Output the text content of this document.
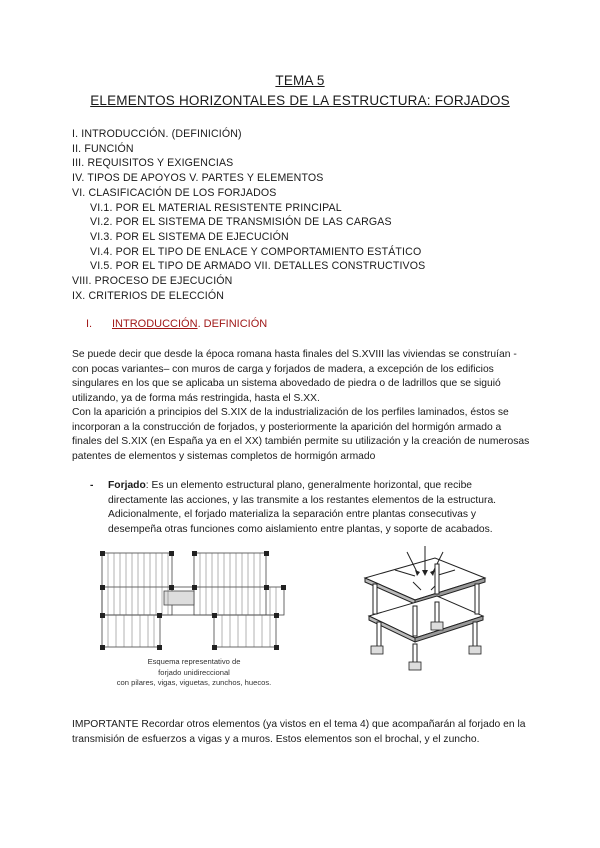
TEMA 5
ELEMENTOS HORIZONTALES DE LA ESTRUCTURA: FORJADOS
I. INTRODUCCIÓN. (DEFINICIÓN)
II. FUNCIÓN
III. REQUISITOS Y EXIGENCIAS
IV. TIPOS DE APOYOS V. PARTES Y ELEMENTOS
VI. CLASIFICACIÓN DE LOS FORJADOS
VI.1. POR EL MATERIAL RESISTENTE PRINCIPAL
VI.2. POR EL SISTEMA DE TRANSMISIÓN DE LAS CARGAS
VI.3. POR EL SISTEMA DE EJECUCIÓN
VI.4. POR EL TIPO DE ENLACE Y COMPORTAMIENTO ESTÁTICO
VI.5. POR EL TIPO DE ARMADO VII. DETALLES CONSTRUCTIVOS
VIII. PROCESO DE EJECUCIÓN
IX. CRITERIOS DE ELECCIÓN
I. INTRODUCCIÓN. DEFINICIÓN

Se puede decir que desde la época romana hasta finales del S.XVIII las viviendas se construían -con pocas variantes– con muros de carga y forjados de madera, a excepción de los edificios singulares en los que se aplicaba un sistema abovedado de piedra o de ladrillos que se siguió utilizando, ya de forma más restringida, hasta el S.XX.

Con la aparición a principios del S.XIX de la industrialización de los perfiles laminados, éstos se incorporan a la construcción de forjados, y posteriormente la aparición del hormigón armado a finales del S.XIX (en España ya en el XX) también permite su utilización y la creación de numerosas patentes de elementos y sistemas completos de hormigón armado

- Forjado: Es un elemento estructural plano, generalmente horizontal, que recibe directamente las acciones, y las transmite a los restantes elementos de la estructura. Adicionalmente, el forjado materializa la separación entre plantas consecutivas y desempeña otras funciones como aislamiento entre plantas, y soporte de acabados.
Esquema representativo de
forjado unidireccional
con pilares, vigas, viguetas, zunchos, huecos.
IMPORTANTE Recordar otros elementos (ya vistos en el tema 4) que acompañarán al forjado en la transmisión de esfuerzos a vigas y a muros. Estos elementos son el brochal, y el zuncho.
